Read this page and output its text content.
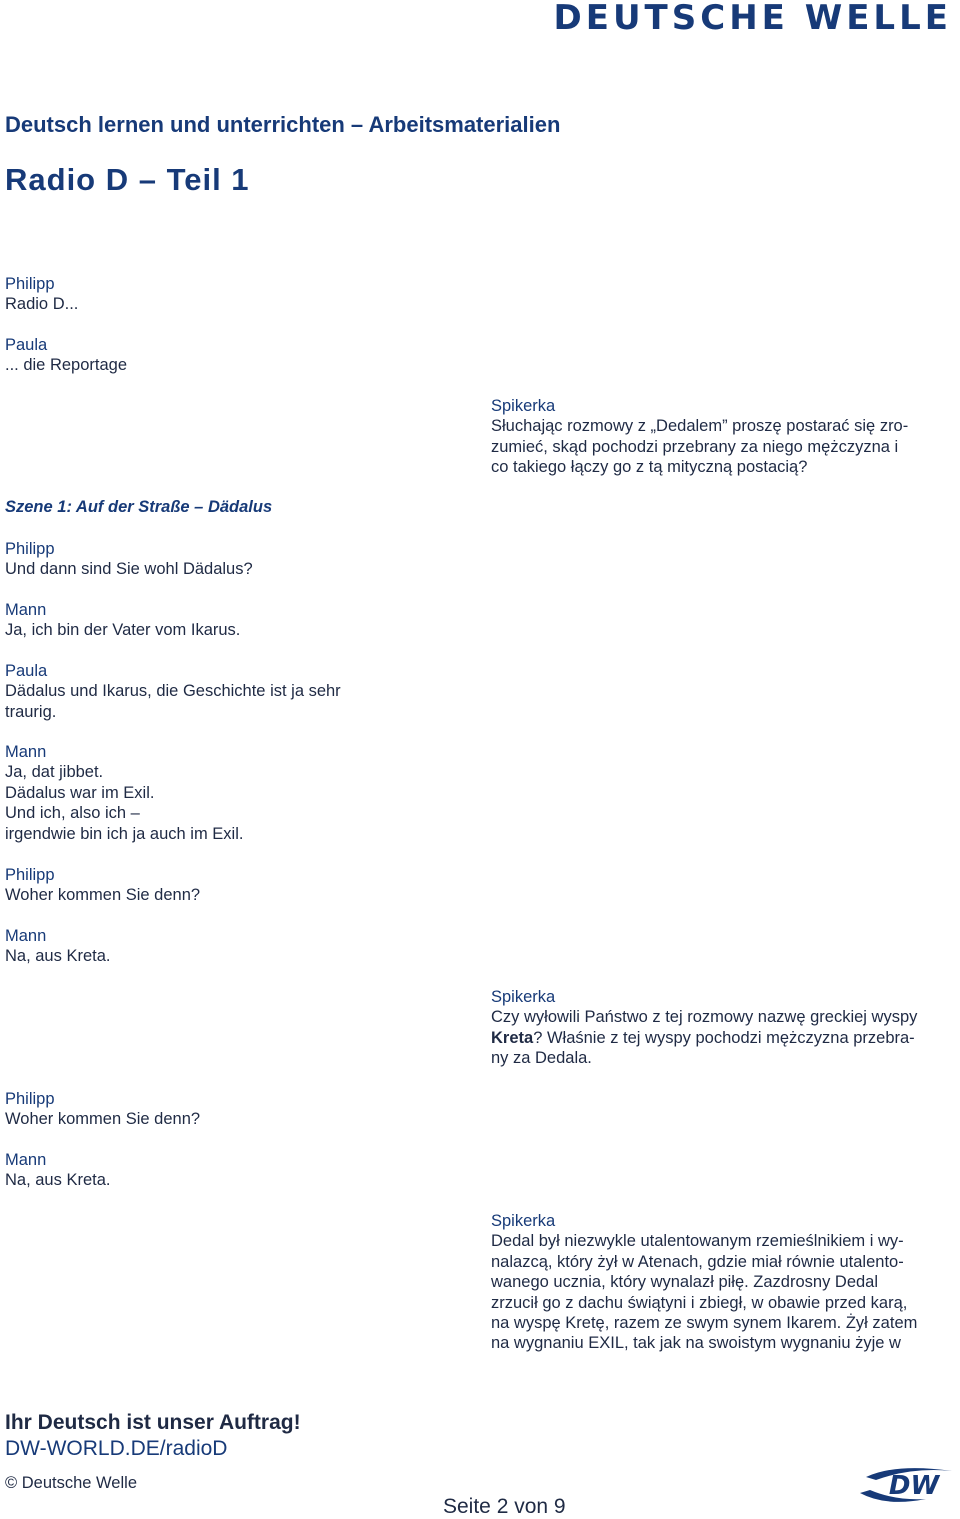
DEUTSCHE WELLE
Deutsch lernen und unterrichten – Arbeitsmaterialien
Radio D – Teil 1
Philipp
Radio D...
Paula
... die Reportage
Spikerka
Słuchając rozmowy z „Dedalem” proszę postarać się zro-
zumieć, skąd pochodzi przebrany za niego mężczyzna i
co takiego łączy go z tą mityczną postacią?
Szene 1: Auf der Straße – Dädalus
Philipp
Und dann sind Sie wohl Dädalus?
Mann
Ja, ich bin der Vater vom Ikarus.
Paula
Dädalus und Ikarus, die Geschichte ist ja sehr
traurig.
Mann
Ja, dat jibbet.
Dädalus war im Exil.
Und ich, also ich –
irgendwie bin ich ja auch im Exil.
Philipp
Woher kommen Sie denn?
Mann
Na, aus Kreta.
Spikerka
Czy wyłowili Państwo z tej rozmowy nazwę greckiej wyspy
Kreta? Właśnie z tej wyspy pochodzi mężczyzna przebra-
ny za Dedala.
Philipp
Woher kommen Sie denn?
Mann
Na, aus Kreta.
Spikerka
Dedal był niezwykle utalentowanym rzemieślnikiem i wy-
nalazcą, który żył w Atenach, gdzie miał równie utalento-
wanego ucznia, który wynalazł piłę. Zazdrosny Dedal
zrzucił go z dachu świątyni i zbiegł, w obawie przed karą,
na wyspę Kretę, razem ze swym synem Ikarem. Żył zatem
na wygnaniu EXIL, tak jak na swoistym wygnaniu żyje w
Ihr Deutsch ist unser Auftrag!
DW-WORLD.DE/radioD
© Deutsche Welle
Seite 2 von 9
DW
